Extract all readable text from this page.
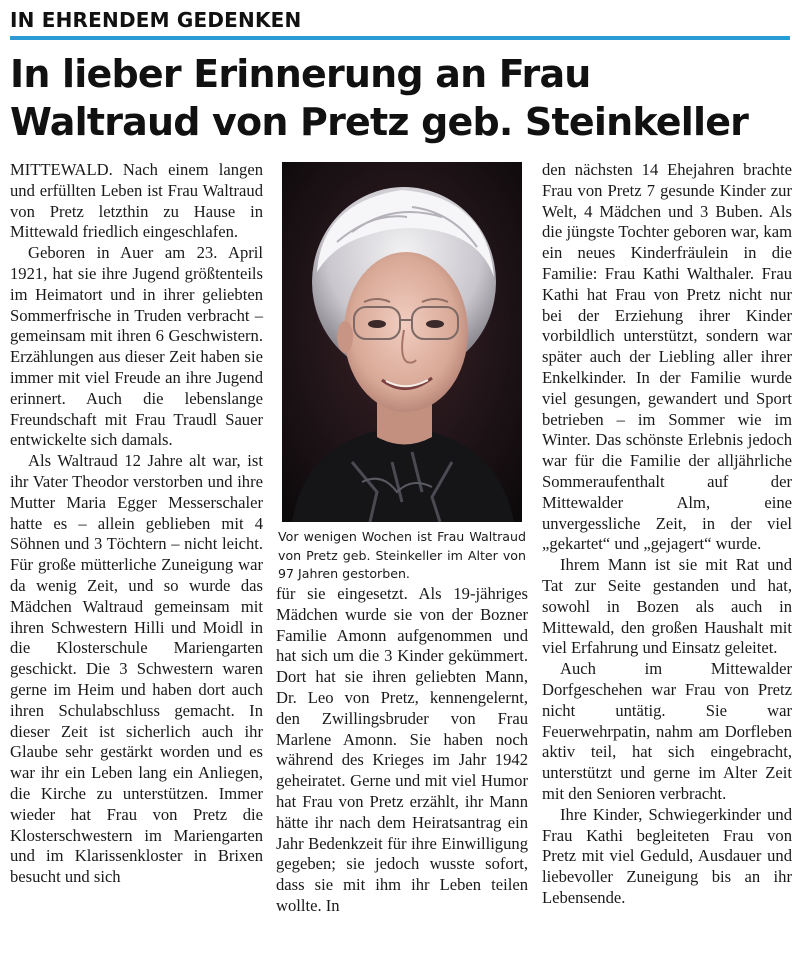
IN EHRENDEM GEDENKEN
In lieber Erinnerung an Frau
Waltraud von Pretz geb. Steinkeller

MITTEWALD. Nach einem langen und erfüllten Leben ist Frau Waltraud von Pretz letzthin zu Hause in Mittewald friedlich eingeschlafen.

Geboren in Auer am 23. April 1921, hat sie ihre Jugend größtenteils im Heimatort und in ihrer geliebten Sommerfrische in Truden verbracht – gemeinsam mit ihren 6 Geschwistern. Erzählungen aus dieser Zeit haben sie immer mit viel Freude an ihre Jugend erinnert. Auch die lebenslange Freundschaft mit Frau Traudl Sauer entwickelte sich damals.

Als Waltraud 12 Jahre alt war, ist ihr Vater Theodor verstorben und ihre Mutter Maria Egger Messerschaler hatte es – allein geblieben mit 4 Söhnen und 3 Töchtern – nicht leicht. Für große mütterliche Zuneigung war da wenig Zeit, und so wurde das Mädchen Waltraud gemeinsam mit ihren Schwestern Hilli und Moidl in die Klosterschule Mariengarten geschickt. Die 3 Schwestern waren gerne im Heim und haben dort auch ihren Schulabschluss gemacht. In dieser Zeit ist sicherlich auch ihr Glaube sehr gestärkt worden und es war ihr ein Leben lang ein Anliegen, die Kirche zu unterstützen. Immer wieder hat Frau von Pretz die Klosterschwestern im Mariengarten und im Klarissenkloster in Brixen besucht und sich

Vor wenigen Wochen ist Frau Waltraud von Pretz geb. Steinkeller im Alter von 97 Jahren gestorben.

für sie eingesetzt. Als 19-jähriges Mädchen wurde sie von der Bozner Familie Amonn aufgenommen und hat sich um die 3 Kinder gekümmert. Dort hat sie ihren geliebten Mann, Dr. Leo von Pretz, kennengelernt, den Zwillingsbruder von Frau Marlene Amonn. Sie haben noch während des Krieges im Jahr 1942 geheiratet. Gerne und mit viel Humor hat Frau von Pretz erzählt, ihr Mann hätte ihr nach dem Heiratsantrag ein Jahr Bedenkzeit für ihre Einwilligung gegeben; sie jedoch wusste sofort, dass sie mit ihm ihr Leben teilen wollte. In

den nächsten 14 Ehejahren brachte Frau von Pretz 7 gesunde Kinder zur Welt, 4 Mädchen und 3 Buben. Als die jüngste Tochter geboren war, kam ein neues Kinderfräulein in die Familie: Frau Kathi Walthaler. Frau Kathi hat Frau von Pretz nicht nur bei der Erziehung ihrer Kinder vorbildlich unterstützt, sondern war später auch der Liebling aller ihrer Enkelkinder. In der Familie wurde viel gesungen, gewandert und Sport betrieben – im Sommer wie im Winter. Das schönste Erlebnis jedoch war für die Familie der alljährliche Sommeraufenthalt auf der Mittewalder Alm, eine unvergessliche Zeit, in der viel „gekartet“ und „gejagert“ wurde.

Ihrem Mann ist sie mit Rat und Tat zur Seite gestanden und hat, sowohl in Bozen als auch in Mittewald, den großen Haushalt mit viel Erfahrung und Einsatz geleitet.

Auch im Mittewalder Dorfgeschehen war Frau von Pretz nicht untätig. Sie war Feuerwehrpatin, nahm am Dorfleben aktiv teil, hat sich eingebracht, unterstützt und gerne im Alter Zeit mit den Senioren verbracht.

Ihre Kinder, Schwiegerkinder und Frau Kathi begleiteten Frau von Pretz mit viel Geduld, Ausdauer und liebevoller Zuneigung bis an ihr Lebensende.
